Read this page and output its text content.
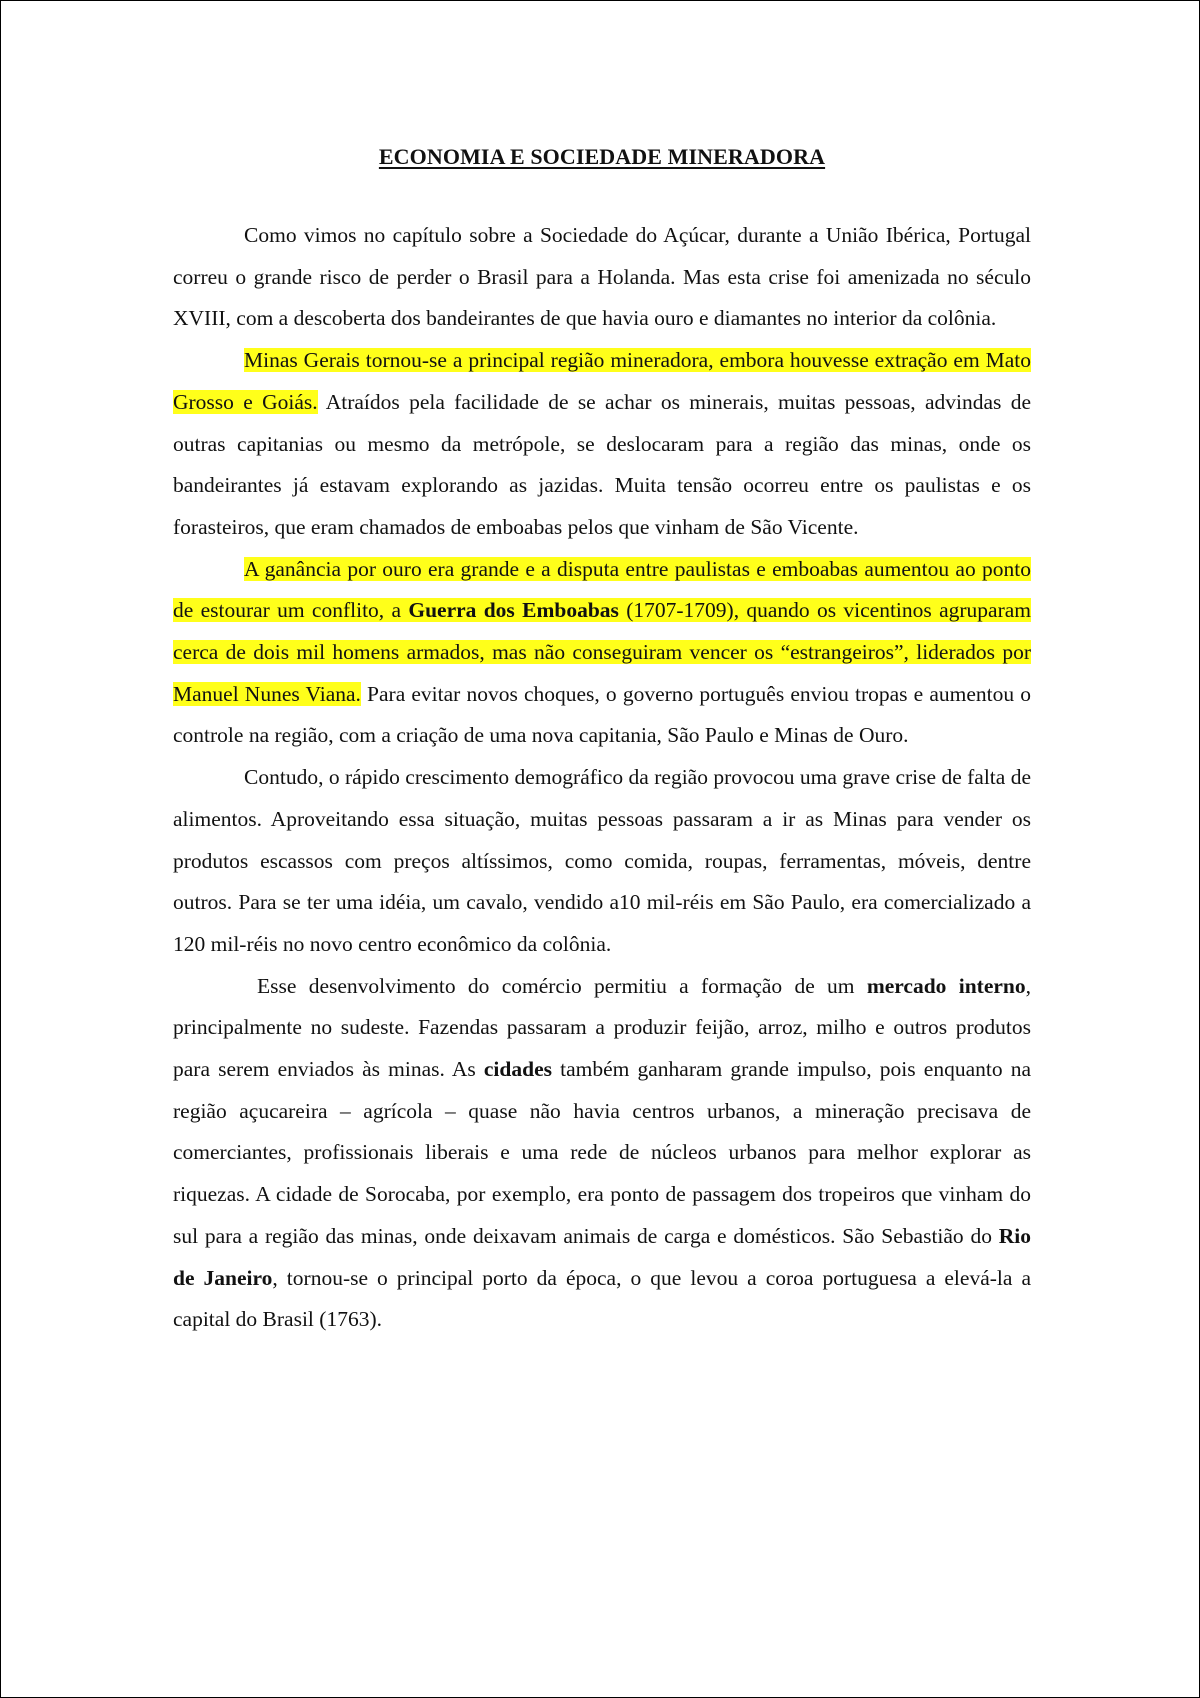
ECONOMIA E SOCIEDADE MINERADORA

Como vimos no capítulo sobre a Sociedade do Açúcar, durante a União Ibérica, Portugal correu o grande risco de perder o Brasil para a Holanda. Mas esta crise foi amenizada no século XVIII, com a descoberta dos bandeirantes de que havia ouro e diamantes no interior da colônia.

Minas Gerais tornou-se a principal região mineradora, embora houvesse extração em Mato Grosso e Goiás. Atraídos pela facilidade de se achar os minerais, muitas pessoas, advindas de outras capitanias ou mesmo da metrópole, se deslocaram para a região das minas, onde os bandeirantes já estavam explorando as jazidas. Muita tensão ocorreu entre os paulistas e os forasteiros, que eram chamados de emboabas pelos que vinham de São Vicente.

A ganância por ouro era grande e a disputa entre paulistas e emboabas aumentou ao ponto de estourar um conflito, a Guerra dos Emboabas (1707-1709), quando os vicentinos agruparam cerca de dois mil homens armados, mas não conseguiram vencer os “estrangeiros”, liderados por Manuel Nunes Viana. Para evitar novos choques, o governo português enviou tropas e aumentou o controle na região, com a criação de uma nova capitania, São Paulo e Minas de Ouro.

Contudo, o rápido crescimento demográfico da região provocou uma grave crise de falta de alimentos. Aproveitando essa situação, muitas pessoas passaram a ir as Minas para vender os produtos escassos com preços altíssimos, como comida, roupas, ferramentas, móveis, dentre outros. Para se ter uma idéia, um cavalo, vendido a10 mil-réis em São Paulo, era comercializado a 120 mil-réis no novo centro econômico da colônia.

Esse desenvolvimento do comércio permitiu a formação de um mercado interno, principalmente no sudeste. Fazendas passaram a produzir feijão, arroz, milho e outros produtos para serem enviados às minas. As cidades também ganharam grande impulso, pois enquanto na região açucareira – agrícola – quase não havia centros urbanos, a mineração precisava de comerciantes, profissionais liberais e uma rede de núcleos urbanos para melhor explorar as riquezas. A cidade de Sorocaba, por exemplo, era ponto de passagem dos tropeiros que vinham do sul para a região das minas, onde deixavam animais de carga e domésticos. São Sebastião do Rio de Janeiro, tornou-se o principal porto da época, o que levou a coroa portuguesa a elevá-la a capital do Brasil (1763).
